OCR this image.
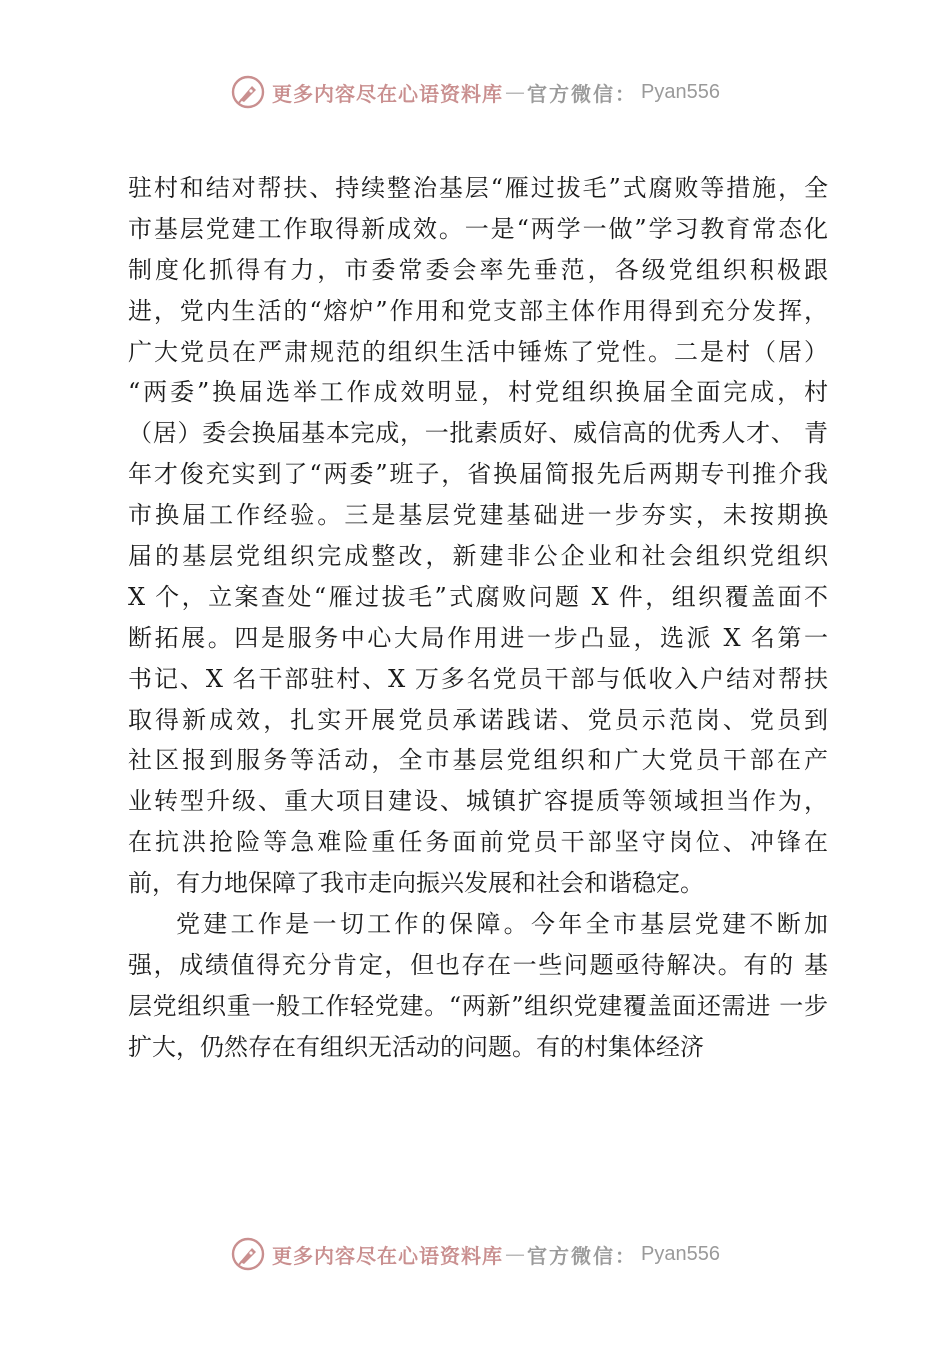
更多内容尽在心语资料库 — 官方微信： Pyan556
驻村和结对帮扶、持续整治基层“雁过拔毛”式腐败等措施，全
市基层党建工作取得新成效。一是“两学一做”学习教育常态化
制度化抓得有力，市委常委会率先垂范，各级党组织积极跟
进，党内生活的“熔炉”作用和党支部主体作用得到充分发挥，
广大党员在严肃规范的组织生活中锤炼了党性。二是村（居）
“两委”换届选举工作成效明显，村党组织换届全面完成，村
（居）委会换届基本完成，一批素质好、威信高的优秀人才、 青
年才俊充实到了“两委”班子，省换届简报先后两期专刊推介我
市换届工作经验。三是基层党建基础进一步夯实，未按期换
届的基层党组织完成整改，新建非公企业和社会组织党组织
X 个，立案查处“雁过拔毛”式腐败问题 X 件，组织覆盖面不
断拓展。四是服务中心大局作用进一步凸显，选派 X 名第一
书记、X 名干部驻村、X 万多名党员干部与低收入户结对帮扶
取得新成效，扎实开展党员承诺践诺、党员示范岗、党员到
社区报到服务等活动，全市基层党组织和广大党员干部在产
业转型升级、重大项目建设、城镇扩容提质等领域担当作为，
在抗洪抢险等急难险重任务面前党员干部坚守岗位、冲锋在
前，有力地保障了我市走向振兴发展和社会和谐稳定。
党建工作是一切工作的保障。今年全市基层党建不断加
强，成绩值得充分肯定，但也存在一些问题亟待解决。有的 基
层党组织重一般工作轻党建。“两新”组织党建覆盖面还需进 一步
扩大，仍然存在有组织无活动的问题。有的村集体经济
更多内容尽在心语资料库 — 官方微信： Pyan556
